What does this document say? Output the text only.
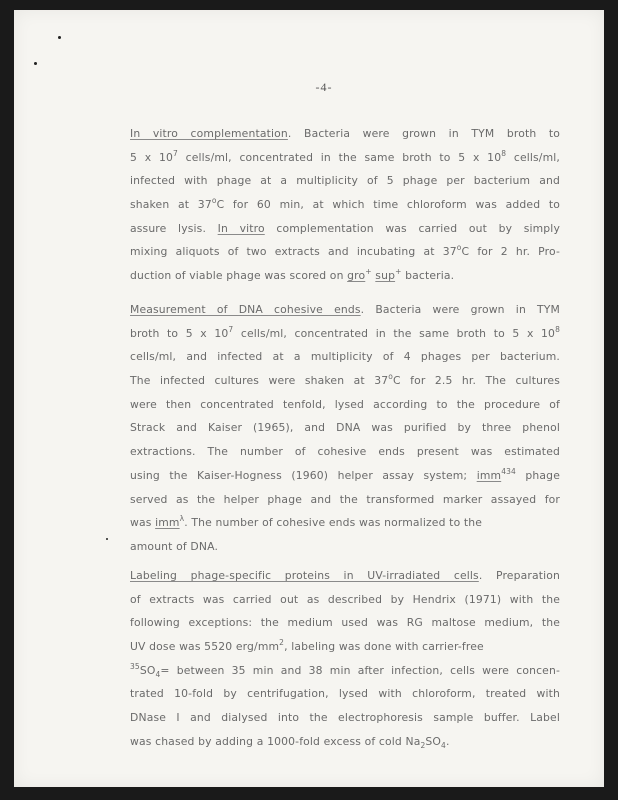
-4-
In vitro complementation. Bacteria were grown in TYM broth to
5 x $10^7$ cells/ml, concentrated in the same broth to 5 x $10^8$ cells/ml,
infected with phage at a multiplicity of 5 phage per bacterium and
shaken at 37$^o$C for 60 min, at which time chloroform was added to
assure lysis. In vitro complementation was carried out by simply
mixing aliquots of two extracts and incubating at 37$^o$C for 2 hr. Pro-
duction of viable phage was scored on gro+ sup+ bacteria.
Measurement of DNA cohesive ends. Bacteria were grown in TYM
broth to 5 x $10^7$ cells/ml, concentrated in the same broth to 5 x $10^8$
cells/ml, and infected at a multiplicity of 4 phages per bacterium.
The infected cultures were shaken at 37$^o$C for 2.5 hr. The cultures
were then concentrated tenfold, lysed according to the procedure of
Strack and Kaiser (1965), and DNA was purified by three phenol
extractions. The number of cohesive ends present was estimated
using the Kaiser-Hogness (1960) helper assay system; imm$^{434}$ phage
served as the helper phage and the transformed marker assayed for
was imm$^\lambda$. The number of cohesive ends was normalized to the
amount of DNA.
Labeling phage-specific proteins in UV-irradiated cells. Preparation
of extracts was carried out as described by Hendrix (1971) with the
following exceptions: the medium used was RG maltose medium, the
UV dose was 5520 erg/$mm^2$, labeling was done with carrier-free
$^{35}SO_4=$ between 35 min and 38 min after infection, cells were concen-
trated 10-fold by centrifugation, lysed with chloroform, treated with
DNase I and dialysed into the electrophoresis sample buffer. Label
was chased by adding a 1000-fold excess of cold $Na_2SO_4$.
